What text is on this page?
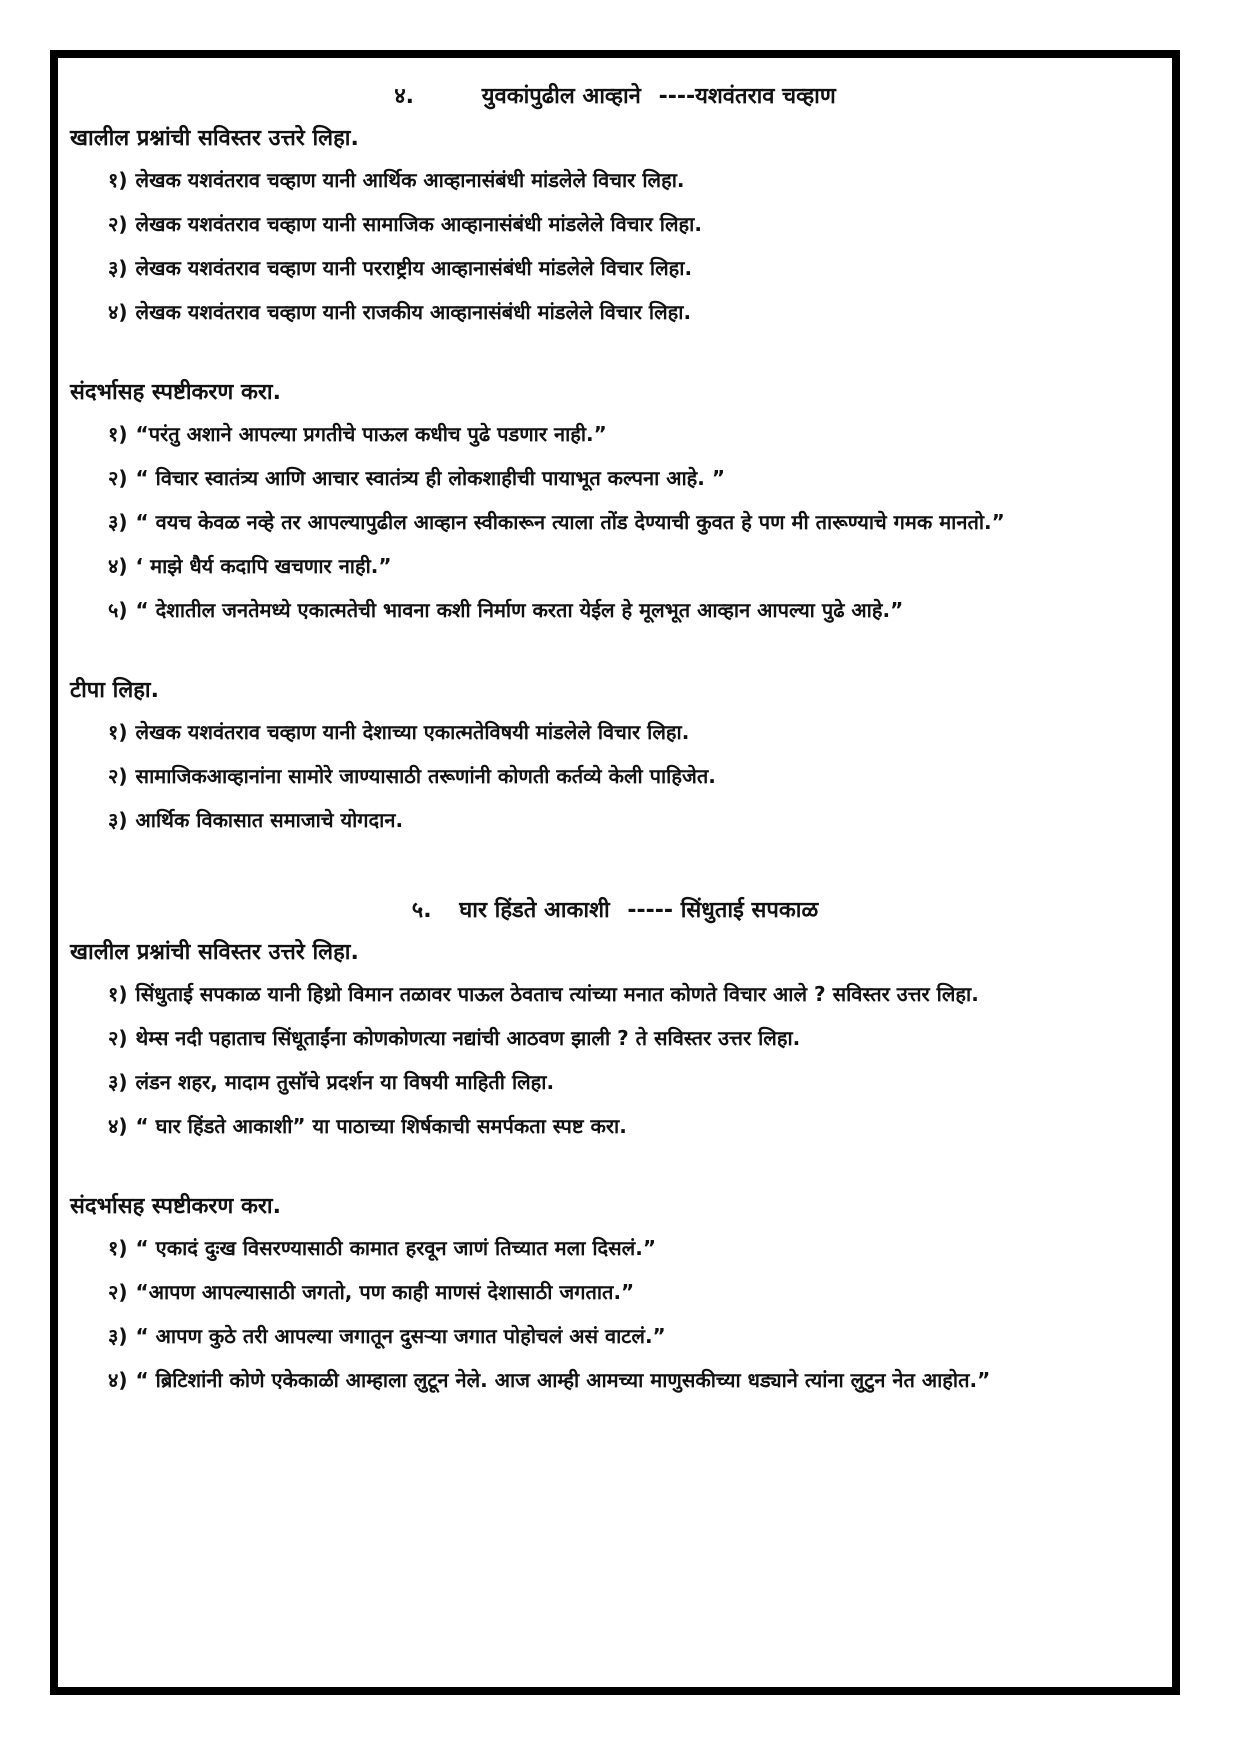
४.	युवकांपुढील आव्हाने ----यशवंतराव चव्हाण
खालील प्रश्नांची सविस्तर उत्तरे लिहा.
१) लेखक यशवंतराव चव्हाण यानी आर्थिक आव्हानासंबंधी मांडलेले विचार लिहा.
२) लेखक यशवंतराव चव्हाण यानी सामाजिक आव्हानासंबंधी मांडलेले विचार लिहा.
३) लेखक यशवंतराव चव्हाण यानी परराष्ट्रीय आव्हानासंबंधी मांडलेले विचार लिहा.
४) लेखक यशवंतराव चव्हाण यानी राजकीय आव्हानासंबंधी मांडलेले विचार लिहा.
संदर्भासह स्पष्टीकरण करा.
१) “परंतु अशाने आपल्या प्रगतीचे पाऊल कधीच पुढे पडणार नाही.”
२) “ विचार स्वातंत्र्य आणि आचार स्वातंत्र्य ही लोकशाहीची पायाभूत कल्पना आहे. ”
३) “ वयच केवळ नव्हे तर आपल्यापुढील आव्हान स्वीकारून त्याला तोंड देण्याची कुवत हे पण मी तारूण्याचे गमक मानतो.”
४) ‘ माझे धैर्य कदापि खचणार नाही.”
५) “ देशातील जनतेमध्ये एकात्मतेची भावना कशी निर्माण करता येईल हे मूलभूत आव्हान आपल्या पुढे आहे.”
टीपा लिहा.
१) लेखक यशवंतराव चव्हाण यानी देशाच्या एकात्मतेविषयी मांडलेले विचार लिहा.
२) सामाजिकआव्हानांना सामोरे जाण्यासाठी तरूणांनी कोणती कर्तव्ये केली पाहिजेत.
३) आर्थिक विकासात समाजाचे योगदान.
५. घार हिंडते आकाशी ----- सिंधुताई सपकाळ
खालील प्रश्नांची सविस्तर उत्तरे लिहा.
१) सिंधुताई सपकाळ यानी हिथ्रो विमान तळावर पाऊल ठेवताच त्यांच्या मनात कोणते विचार आले ? सविस्तर उत्तर लिहा.
२) थेम्स नदी पहाताच सिंधूताईंना कोणकोणत्या नद्यांची आठवण झाली ? ते सविस्तर उत्तर लिहा.
३) लंडन शहर, मादाम तुसॉचे प्रदर्शन या विषयी माहिती लिहा.
४) “ घार हिंडते आकाशी” या पाठाच्या शिर्षकाची समर्पकता स्पष्ट करा.
संदर्भासह स्पष्टीकरण करा.
१) “ एकादं दुःख विसरण्यासाठी कामात हरवून जाणं तिच्यात मला दिसलं.”
२) “आपण आपल्यासाठी जगतो, पण काही माणसं देशासाठी जगतात.”
३) “ आपण कुठे तरी आपल्या जगातून दुसऱ्या जगात पोहोचलं असं वाटलं.”
४) “ ब्रिटिशांनी कोणे एकेकाळी आम्हाला लुटून नेले. आज आम्ही आमच्या माणुसकीच्या धड्याने त्यांना लुटुन नेत आहोत.”
